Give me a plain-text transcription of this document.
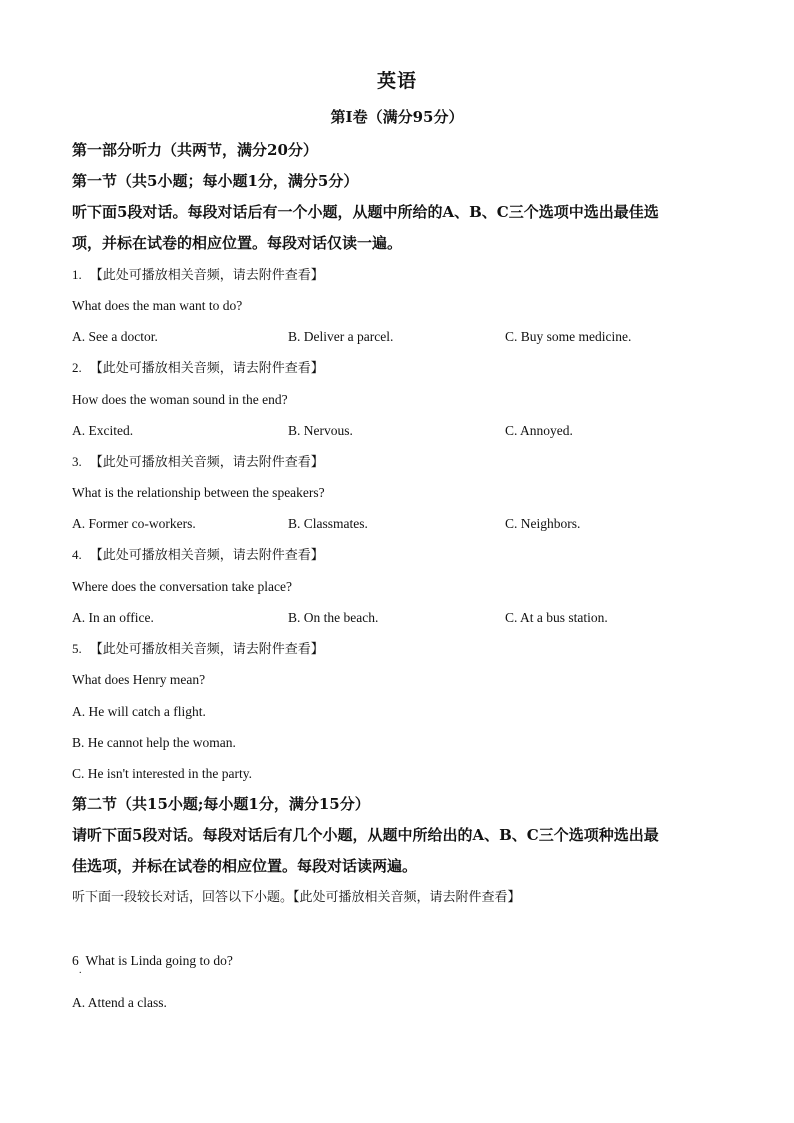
英语
第Ⅰ卷（满分95分）
第一部分听力（共两节，满分20分）
第一节（共5小题；每小题1分，满分5分）
听下面5段对话。每段对话后有一个小题，从题中所给的A、B、C三个选项中选出最佳选
项，并标在试卷的相应位置。每段对话仅读一遍。
1. 【此处可播放相关音频，请去附件查看】
What does the man want to do?
A. See a doctor.	B. Deliver a parcel.	C. Buy some medicine.
2. 【此处可播放相关音频，请去附件查看】
How does the woman sound in the end?
A. Excited.	B. Nervous.	C. Annoyed.
3. 【此处可播放相关音频，请去附件查看】
What is the relationship between the speakers?
A. Former co-workers.	B. Classmates.	C. Neighbors.
4. 【此处可播放相关音频，请去附件查看】
Where does the conversation take place?
A. In an office.	B. On the beach.	C. At a bus station.
5. 【此处可播放相关音频，请去附件查看】
What does Henry mean?
A. He will catch a flight.
B. He cannot help the woman.
C. He isn't interested in the party.
第二节（共15小题;每小题1分，满分15分）
请听下面5段对话。每段对话后有几个小题，从题中所给出的A、B、C三个选项种选出最
佳选项，并标在试卷的相应位置。每段对话读两遍。
听下面一段较长对话，回答以下小题。【此处可播放相关音频，请去附件查看】
6 What is Linda going to do?
.
A. Attend a class.
